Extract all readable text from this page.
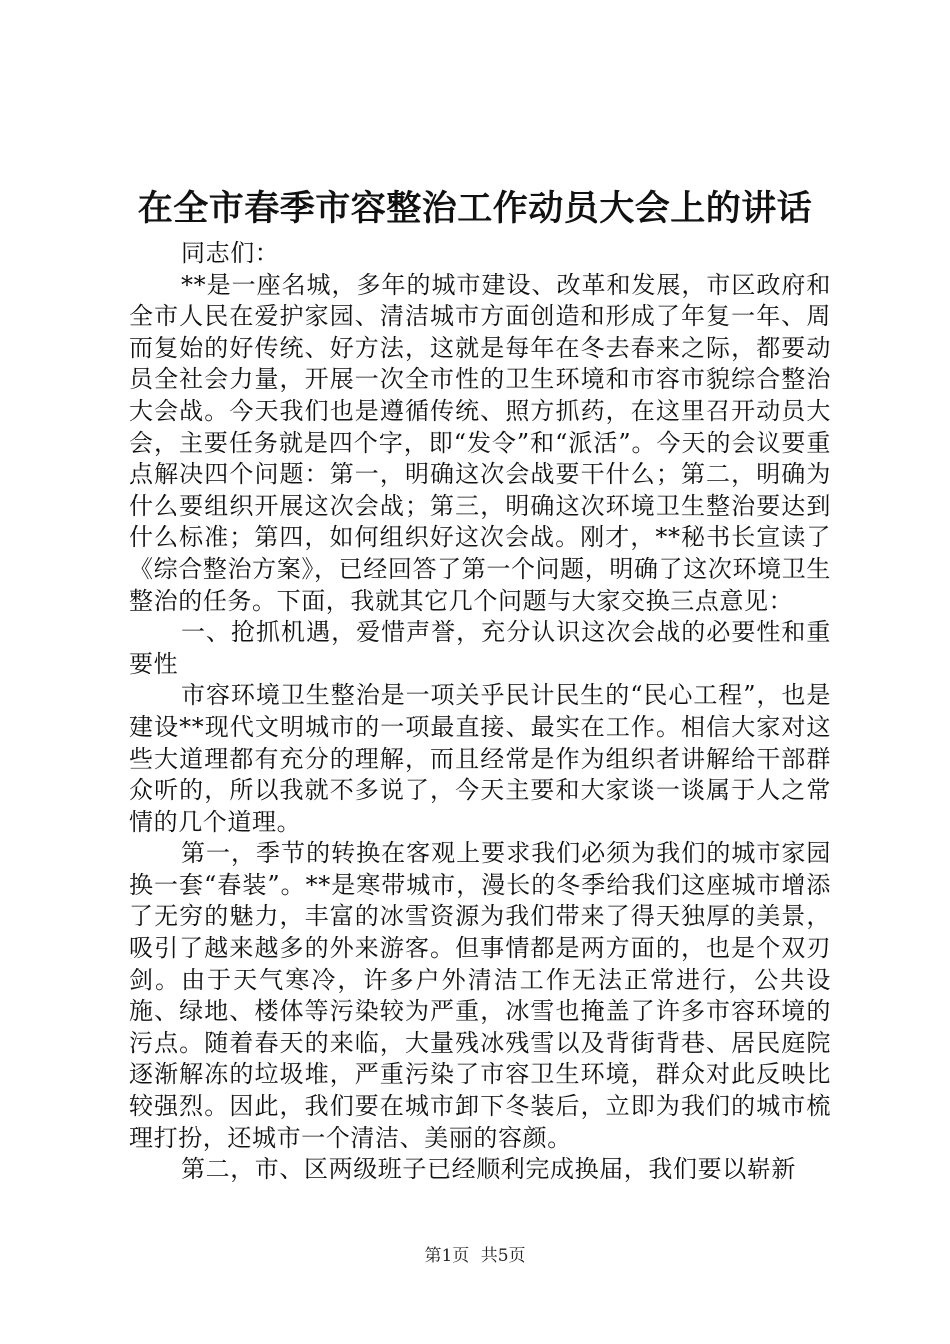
在全市春季市容整治工作动员大会上的讲话

同志们：

**是一座名城，多年的城市建设、改革和发展，市区政府和全市人民在爱护家园、清洁城市方面创造和形成了年复一年、周而复始的好传统、好方法，这就是每年在冬去春来之际，都要动员全社会力量，开展一次全市性的卫生环境和市容市貌综合整治大会战。今天我们也是遵循传统、照方抓药，在这里召开动员大会，主要任务就是四个字，即“发令”和“派活”。今天的会议要重点解决四个问题：第一，明确这次会战要干什么；第二，明确为什么要组织开展这次会战；第三，明确这次环境卫生整治要达到什么标准；第四，如何组织好这次会战。刚才，**秘书长宣读了《综合整治方案》，已经回答了第一个问题，明确了这次环境卫生整治的任务。下面，我就其它几个问题与大家交换三点意见：

一、抢抓机遇，爱惜声誉，充分认识这次会战的必要性和重要性

市容环境卫生整治是一项关乎民计民生的“民心工程”，也是建设**现代文明城市的一项最直接、最实在工作。相信大家对这些大道理都有充分的理解，而且经常是作为组织者讲解给干部群众听的，所以我就不多说了，今天主要和大家谈一谈属于人之常情的几个道理。

第一，季节的转换在客观上要求我们必须为我们的城市家园换一套“春装”。**是寒带城市，漫长的冬季给我们这座城市增添了无穷的魅力，丰富的冰雪资源为我们带来了得天独厚的美景，吸引了越来越多的外来游客。但事情都是两方面的，也是个双刃剑。由于天气寒冷，许多户外清洁工作无法正常进行，公共设施、绿地、楼体等污染较为严重，冰雪也掩盖了许多市容环境的污点。随着春天的来临，大量残冰残雪以及背街背巷、居民庭院逐渐解冻的垃圾堆，严重污染了市容卫生环境，群众对此反映比较强烈。因此，我们要在城市卸下冬装后，立即为我们的城市梳理打扮，还城市一个清洁、美丽的容颜。

第二，市、区两级班子已经顺利完成换届，我们要以崭新

第1页 共5页
